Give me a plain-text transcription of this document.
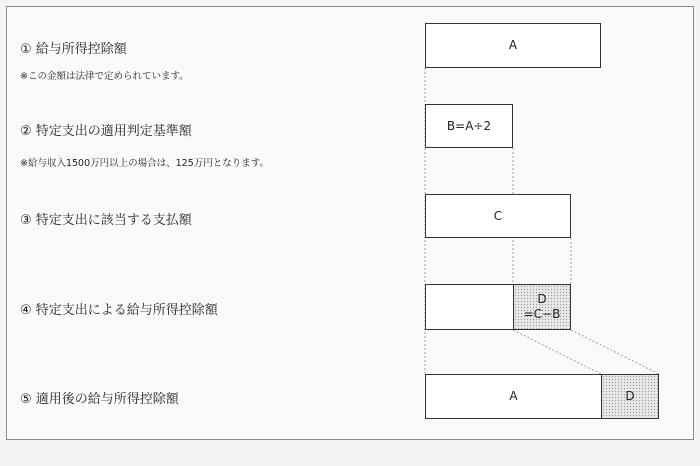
① 給与所得控除額
※この金額は法律で定められています。
② 特定支出の適用判定基準額
※給与収入1500万円以上の場合は、125万円となります。
③ 特定支出に該当する支払額
④ 特定支出による給与所得控除額
⑤ 適用後の給与所得控除額
A
B=A÷2
C
D
=C−B
A	D
